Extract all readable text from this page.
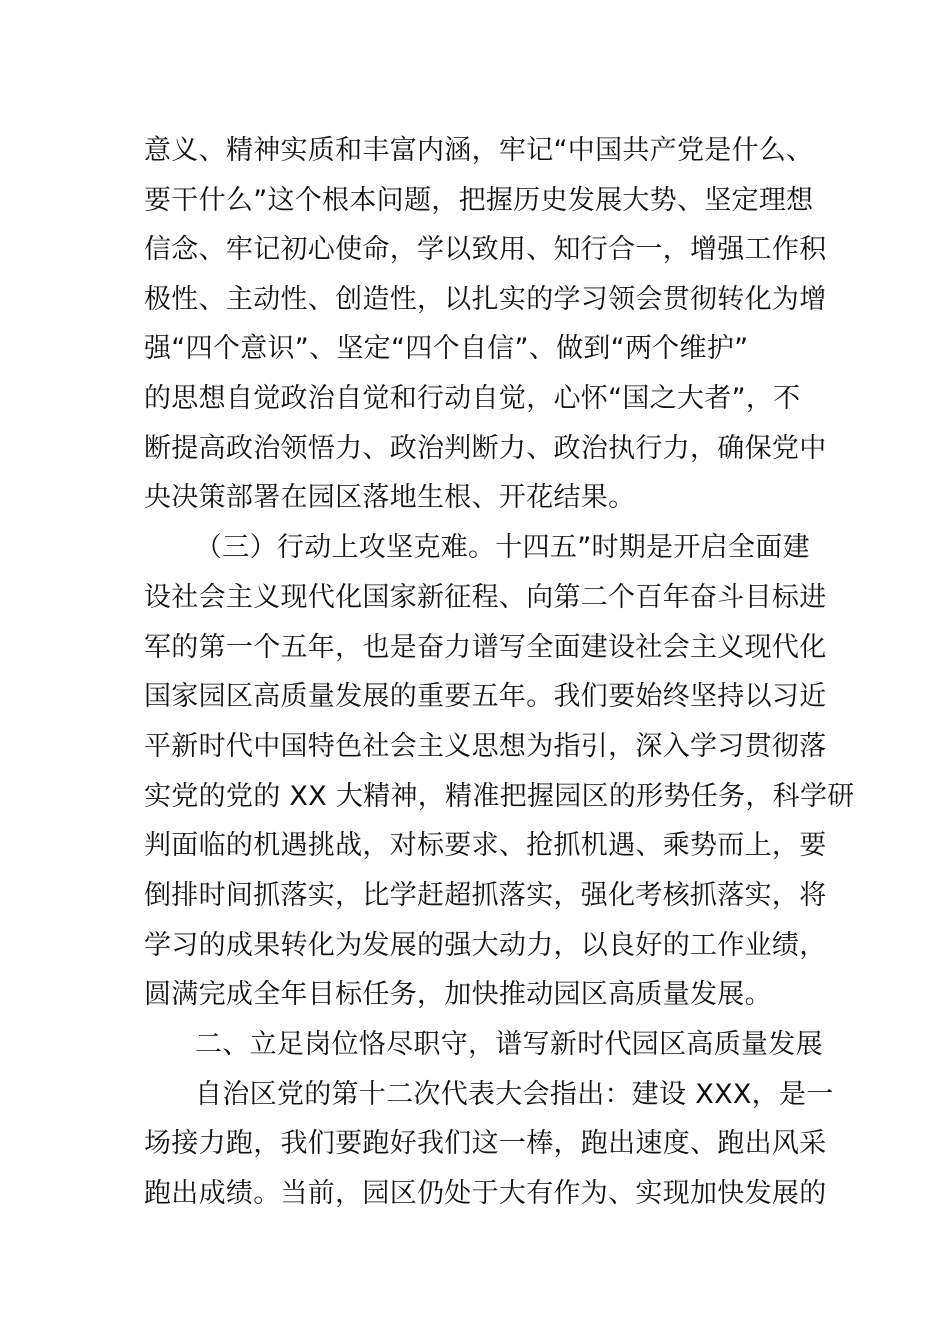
意义、精神实质和丰富内涵，牢记“中国共产党是什么、
要干什么”这个根本问题，把握历史发展大势、坚定理想
信念、牢记初心使命，学以致用、知行合一，增强工作积
极性、主动性、创造性，以扎实的学习领会贯彻转化为增
强“四个意识”、坚定“四个自信”、做到“两个维护”
的思想自觉政治自觉和行动自觉，心怀“国之大者”，不
断提高政治领悟力、政治判断力、政治执行力，确保党中
央决策部署在园区落地生根、开花结果。
（三）行动上攻坚克难。十四五”时期是开启全面建
设社会主义现代化国家新征程、向第二个百年奋斗目标进
军的第一个五年，也是奋力谱写全面建设社会主义现代化
国家园区高质量发展的重要五年。我们要始终坚持以习近
平新时代中国特色社会主义思想为指引，深入学习贯彻落
实党的党的 XX 大精神，精准把握园区的形势任务，科学研
判面临的机遇挑战，对标要求、抢抓机遇、乘势而上，要
倒排时间抓落实，比学赶超抓落实，强化考核抓落实，将
学习的成果转化为发展的强大动力，以良好的工作业绩，
圆满完成全年目标任务，加快推动园区高质量发展。
二、立足岗位恪尽职守，谱写新时代园区高质量发展
自治区党的第十二次代表大会指出：建设 XXX，是一
场接力跑，我们要跑好我们这一棒，跑出速度、跑出风采
跑出成绩。当前，园区仍处于大有作为、实现加快发展的
